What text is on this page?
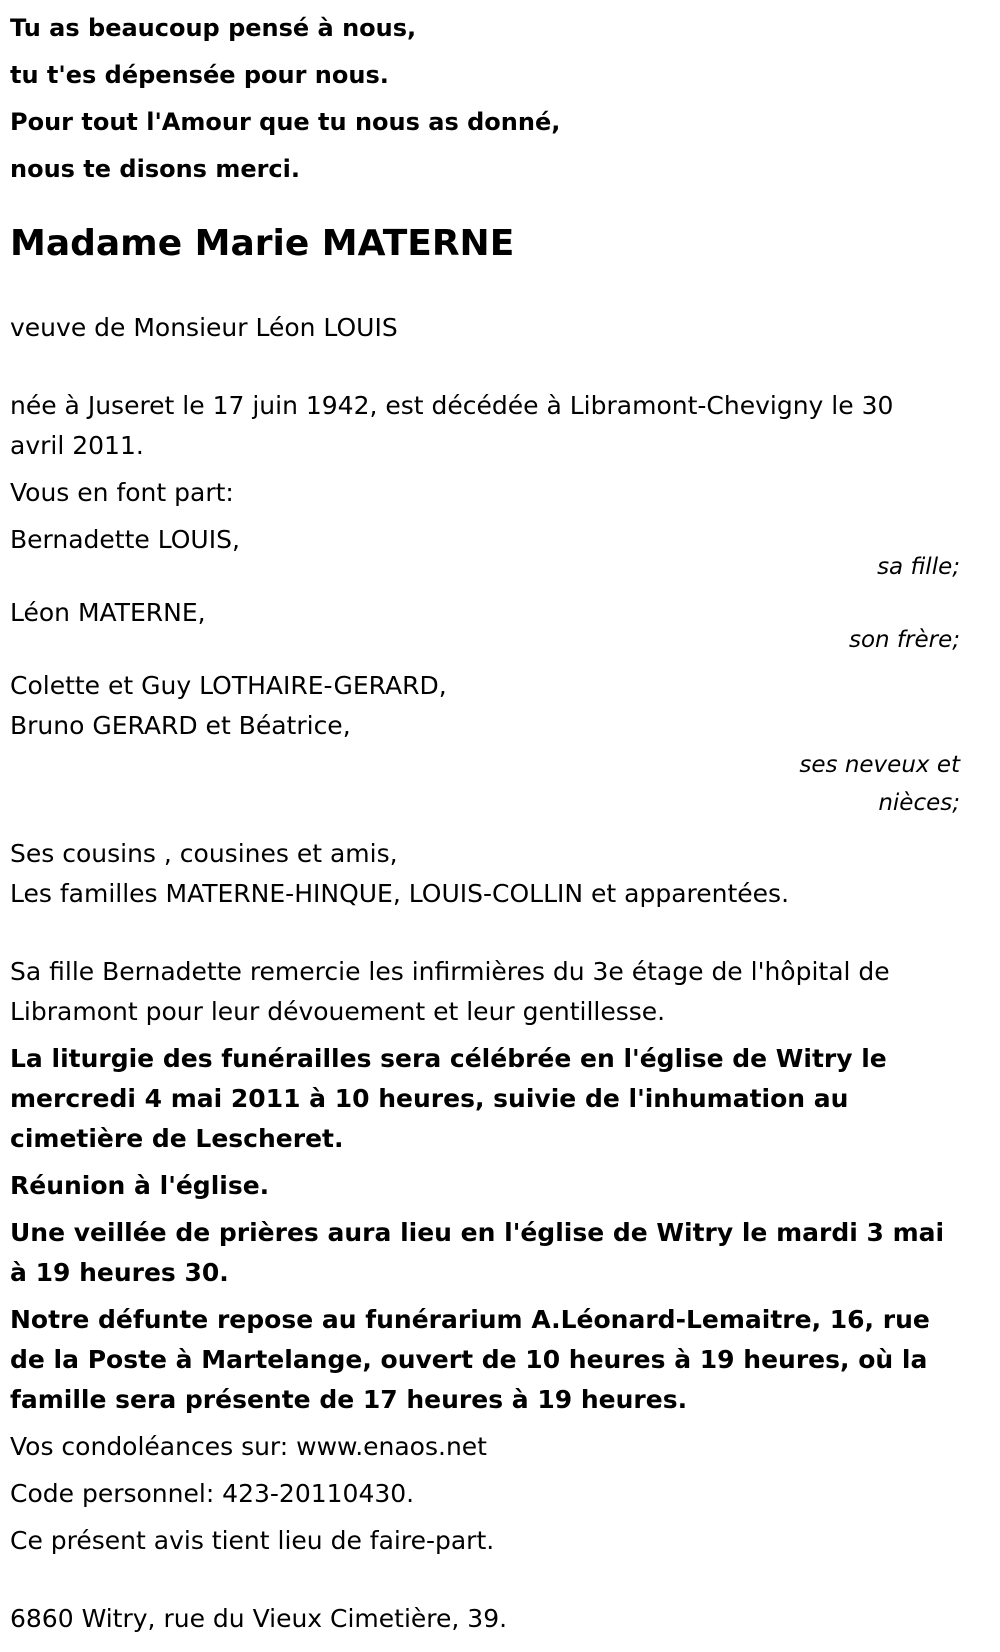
Tu as beaucoup pensé à nous,

tu t'es dépensée pour nous.

Pour tout l'Amour que tu nous as donné,

nous te disons merci.

Madame Marie MATERNE

veuve de Monsieur Léon LOUIS

née à Juseret le 17 juin 1942, est décédée à Libramont-Chevigny le 30 avril 2011.

Vous en font part:

Bernadette LOUIS,

sa fille;

Léon MATERNE,

son frère;

Colette et Guy LOTHAIRE-GERARD,

Bruno GERARD et Béatrice,

ses neveux et nièces;

Ses cousins , cousines et amis,

Les familles MATERNE-HINQUE, LOUIS-COLLIN et apparentées.

Sa fille Bernadette remercie les infirmières du 3e étage de l'hôpital de Libramont pour leur dévouement et leur gentillesse.

La liturgie des funérailles sera célébrée en l'église de Witry le mercredi 4 mai 2011 à 10 heures, suivie de l'inhumation au cimetière de Lescheret.

Réunion à l'église.

Une veillée de prières aura lieu en l'église de Witry le mardi 3 mai à 19 heures 30.

Notre défunte repose au funérarium A.Léonard-Lemaitre, 16, rue de la Poste à Martelange, ouvert de 10 heures à 19 heures, où la famille sera présente de 17 heures à 19 heures.

Vos condoléances sur: www.enaos.net

Code personnel: 423-20110430.

Ce présent avis tient lieu de faire-part.

6860 Witry, rue du Vieux Cimetière, 39.
